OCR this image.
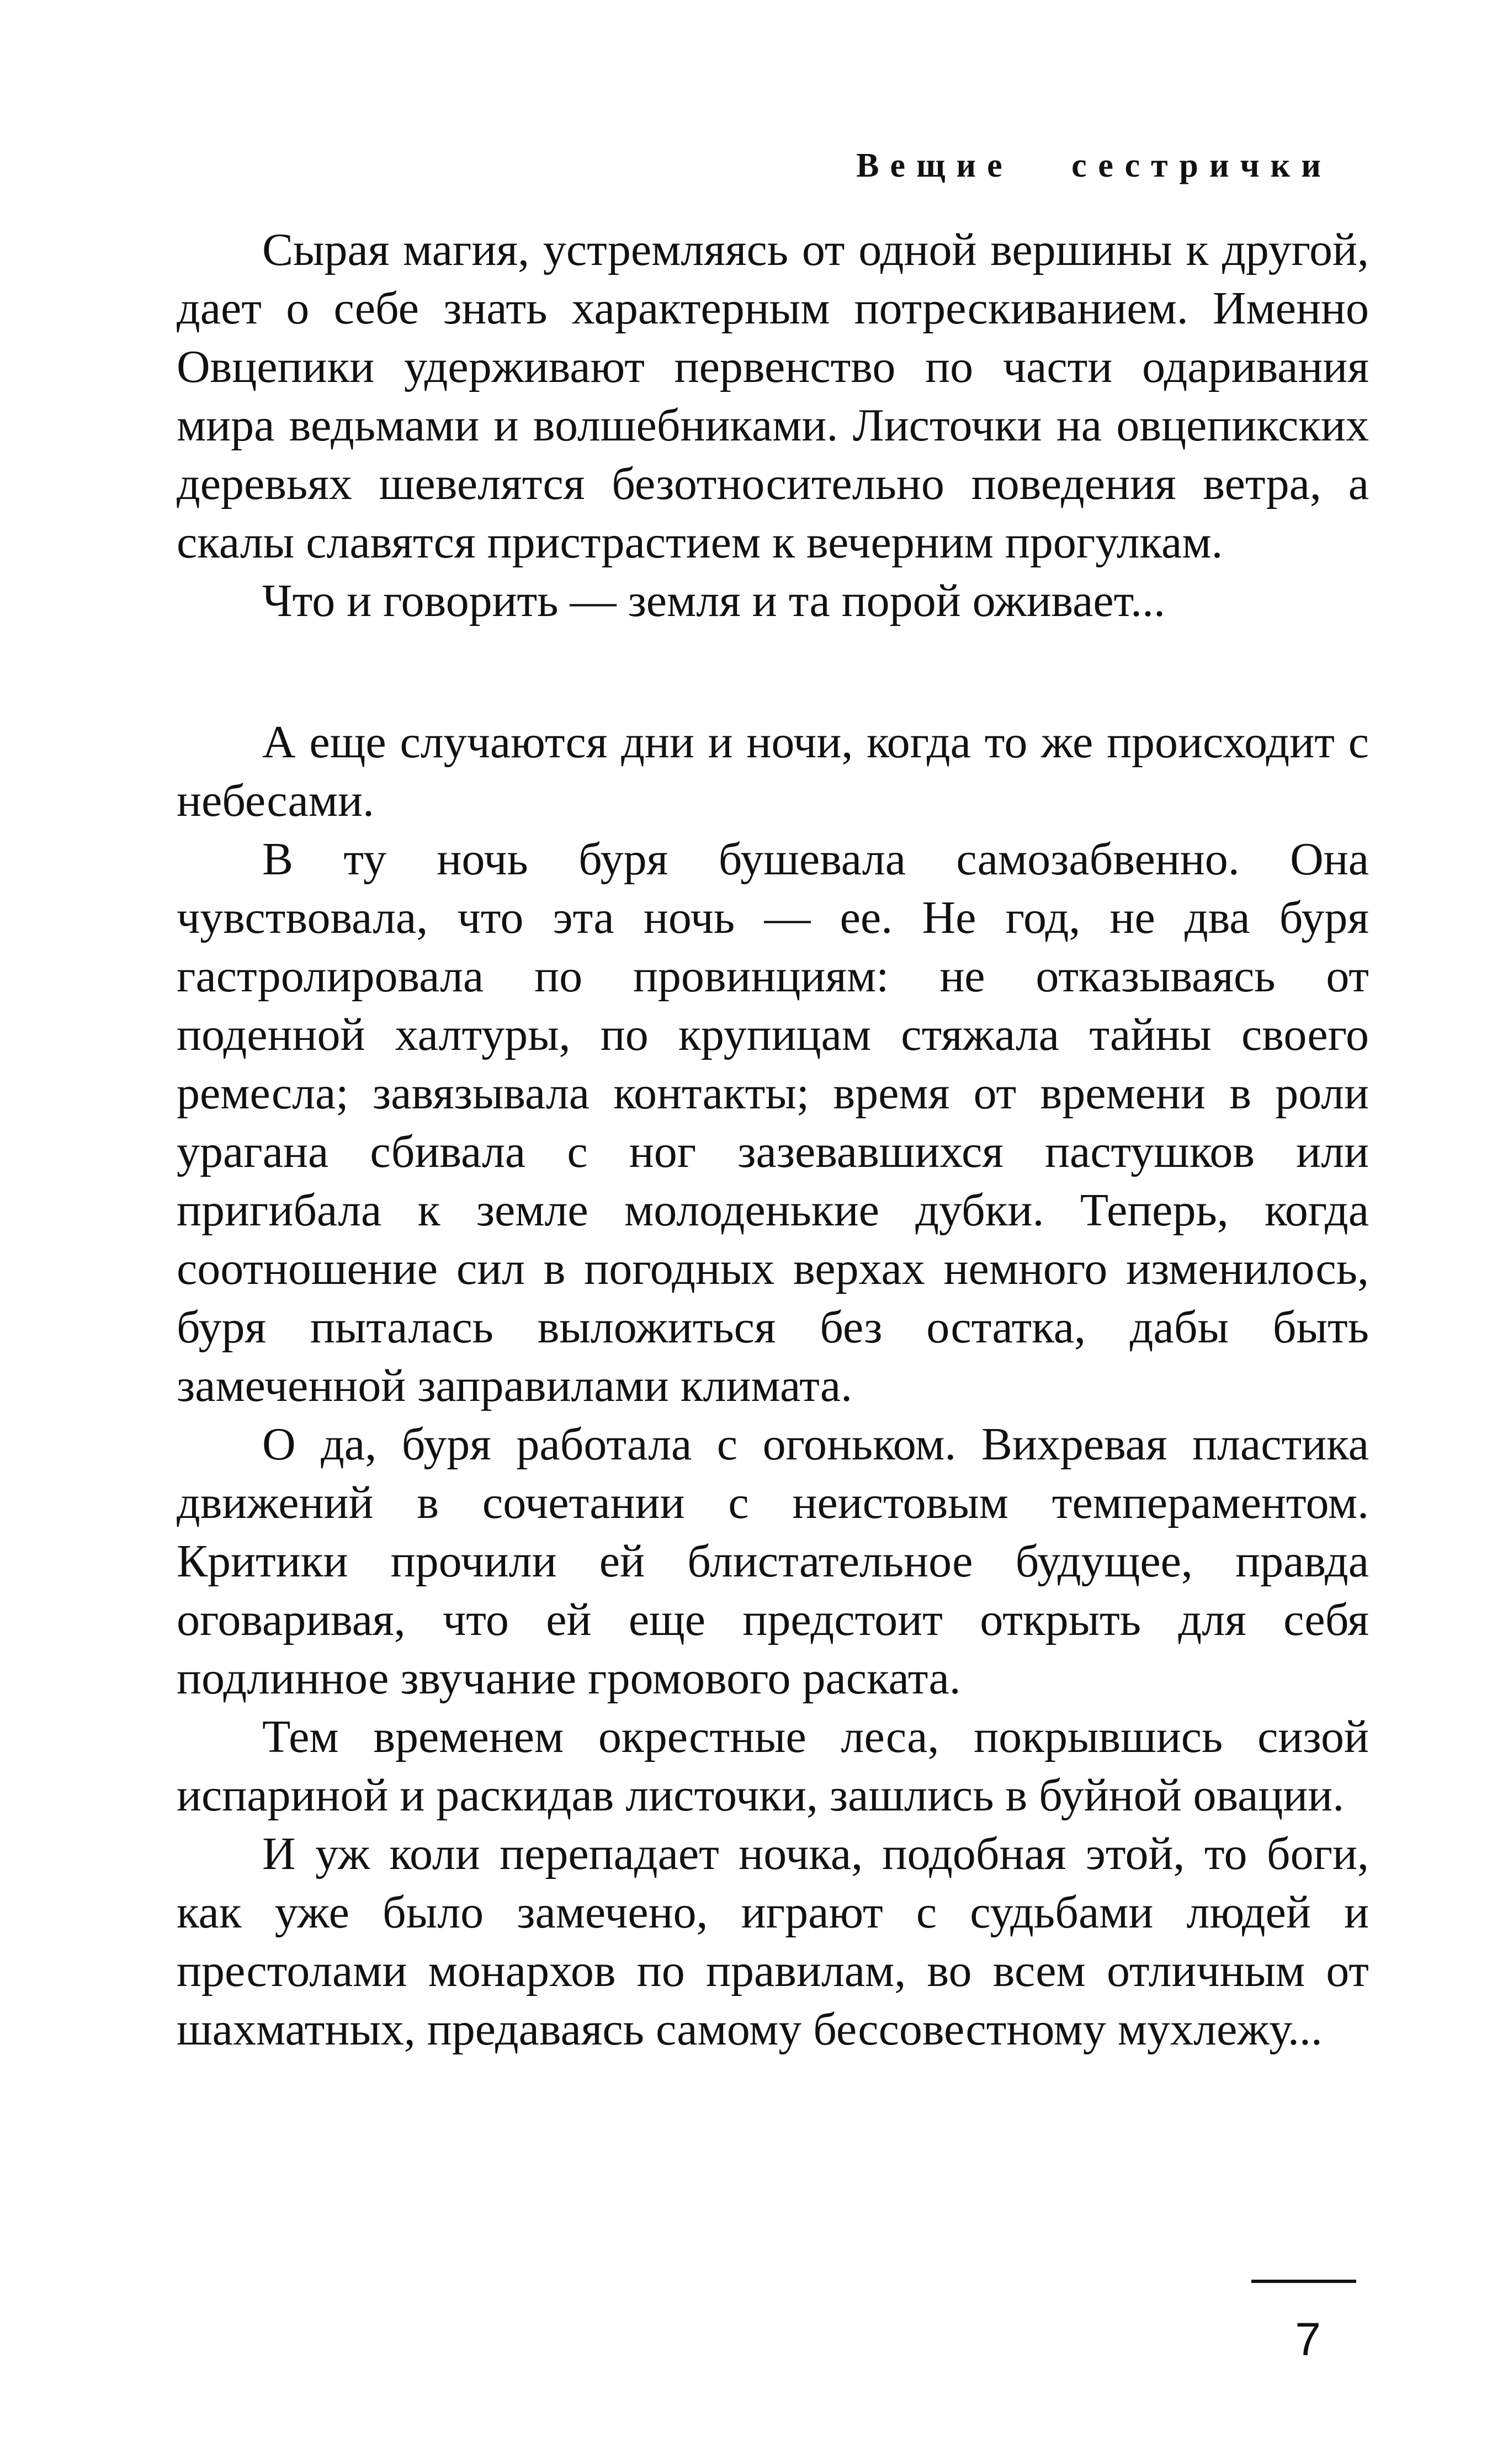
Вещие сестрички

Сырая магия, устремляясь от одной вершины к другой, дает о себе знать характерным потрескиванием. Именно Овцепики удерживают первенство по части одаривания мира ведьмами и волшебниками. Листочки на овцепикских деревьях шевелятся безотносительно поведения ветра, а скалы славятся пристрастием к вечерним прогулкам.

Что и говорить — земля и та порой оживает...

А еще случаются дни и ночи, когда то же происходит с небесами.

В ту ночь буря бушевала самозабвенно. Она чувствовала, что эта ночь — ее. Не год, не два буря гастролировала по провинциям: не отказываясь от поденной халтуры, по крупицам стяжала тайны своего ремесла; завязывала контакты; время от времени в роли урагана сбивала с ног зазевавшихся пастушков или пригибала к земле молоденькие дубки. Теперь, когда соотношение сил в погодных верхах немного изменилось, буря пыталась выложиться без остатка, дабы быть замеченной заправилами климата.

О да, буря работала с огоньком. Вихревая пластика движений в сочетании с неистовым темпераментом. Критики прочили ей блистательное будущее, правда оговаривая, что ей еще предстоит открыть для себя подлинное звучание громового раската.

Тем временем окрестные леса, покрывшись сизой испариной и раскидав листочки, зашлись в буйной овации.

И уж коли перепадает ночка, подобная этой, то боги, как уже было замечено, играют с судьбами людей и престолами монархов по правилам, во всем отличным от шахматных, предаваясь самому бессовестному мухлежу...

7
